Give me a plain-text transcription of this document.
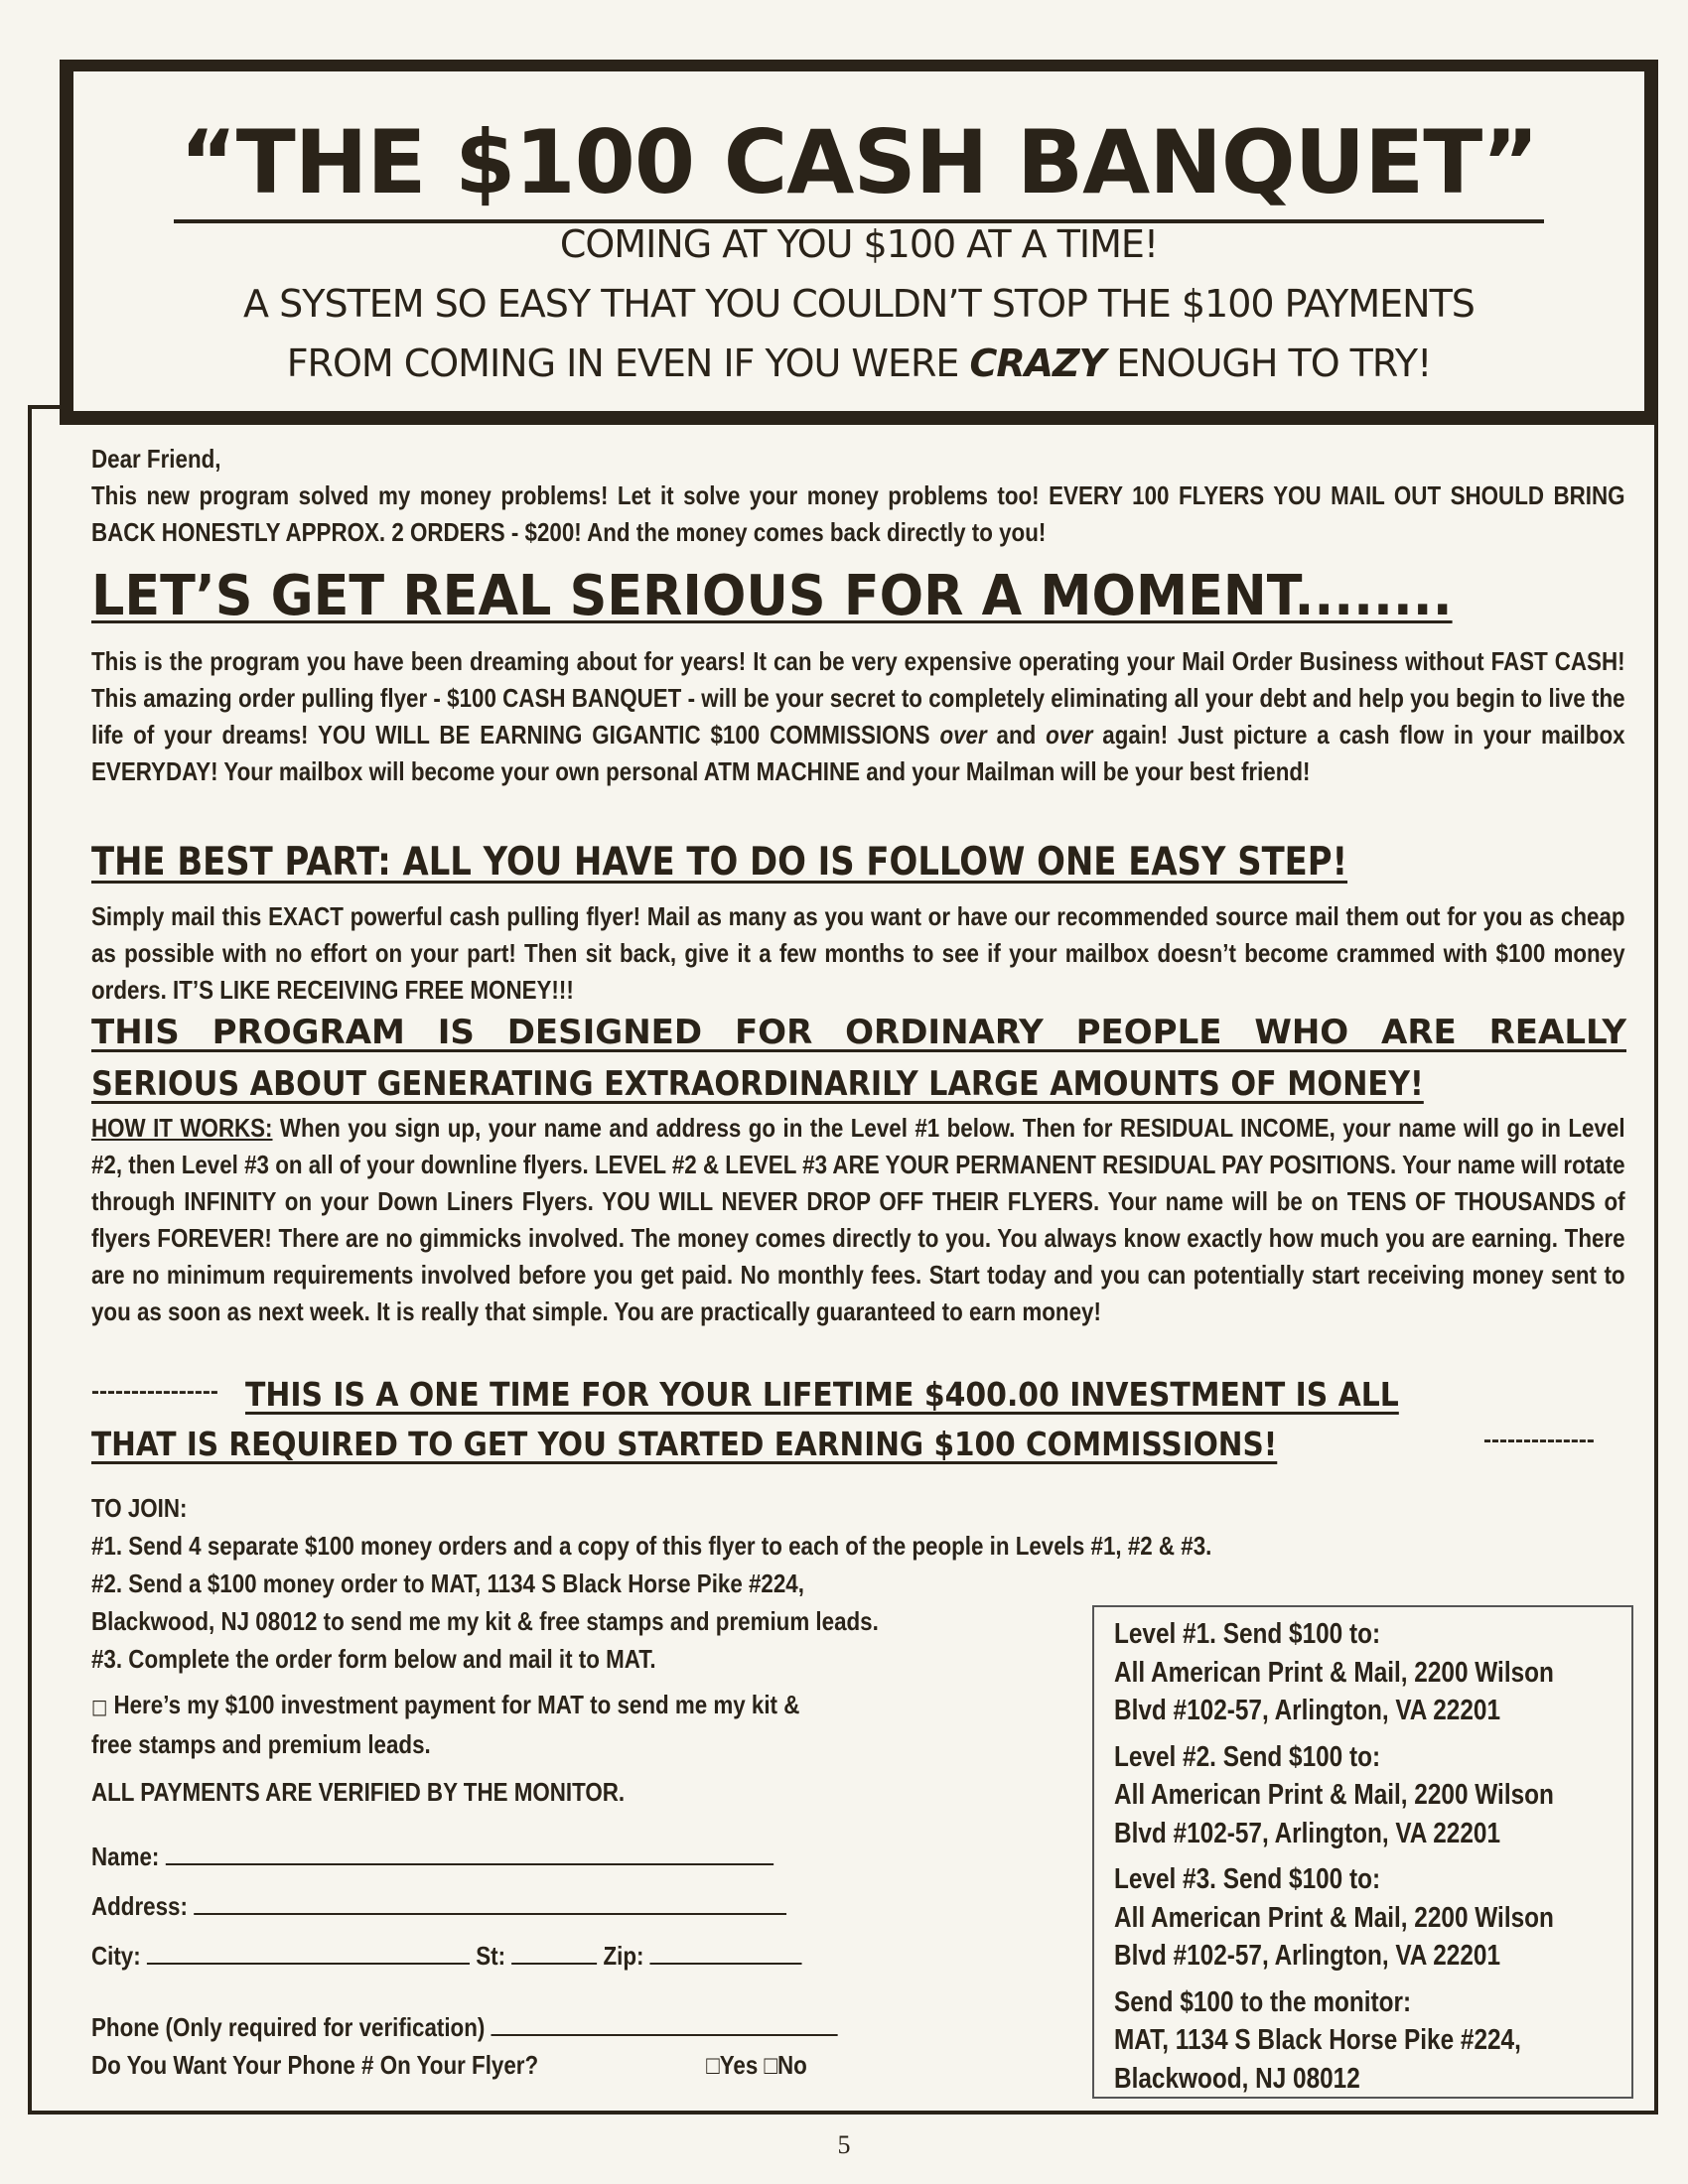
“THE $100 CASH BANQUET”
COMING AT YOU $100 AT A TIME!
A SYSTEM SO EASY THAT YOU COULDN’T STOP THE $100 PAYMENTS
FROM COMING IN EVEN IF YOU WERE CRAZY ENOUGH TO TRY!
Dear Friend,
This new program solved my money problems! Let it solve your money problems too! EVERY 100 FLYERS YOU MAIL OUT SHOULD BRING BACK HONESTLY APPROX. 2 ORDERS - $200! And the money comes back directly to you!
LET’S GET REAL SERIOUS FOR A MOMENT........
This is the program you have been dreaming about for years! It can be very expensive operating your Mail Order Business without FAST CASH! This amazing order pulling flyer - $100 CASH BANQUET - will be your secret to completely eliminating all your debt and help you begin to live the life of your dreams! YOU WILL BE EARNING GIGANTIC $100 COMMISSIONS over and over again! Just picture a cash flow in your mailbox EVERYDAY! Your mailbox will become your own personal ATM MACHINE and your Mailman will be your best friend!
THE BEST PART: ALL YOU HAVE TO DO IS FOLLOW ONE EASY STEP!
Simply mail this EXACT powerful cash pulling flyer! Mail as many as you want or have our recommended source mail them out for you as cheap as possible with no effort on your part! Then sit back, give it a few months to see if your mailbox doesn’t become crammed with $100 money orders. IT’S LIKE RECEIVING FREE MONEY!!!
THIS PROGRAM IS DESIGNED FOR ORDINARY PEOPLE WHO ARE REALLY
SERIOUS ABOUT GENERATING EXTRAORDINARILY LARGE AMOUNTS OF MONEY!
HOW IT WORKS: When you sign up, your name and address go in the Level #1 below. Then for RESIDUAL INCOME, your name will go in Level #2, then Level #3 on all of your downline flyers. LEVEL #2 & LEVEL #3 ARE YOUR PERMANENT RESIDUAL PAY POSITIONS. Your name will rotate through INFINITY on your Down Liners Flyers. YOU WILL NEVER DROP OFF THEIR FLYERS. Your name will be on TENS OF THOUSANDS of flyers FOREVER! There are no gimmicks involved. The money comes directly to you. You always know exactly how much you are earning. There are no minimum requirements involved before you get paid. No monthly fees. Start today and you can potentially start receiving money sent to you as soon as next week. It is really that simple. You are practically guaranteed to earn money!
---------------- THIS IS A ONE TIME FOR YOUR LIFETIME $400.00 INVESTMENT IS ALL
THAT IS REQUIRED TO GET YOU STARTED EARNING $100 COMMISSIONS!	--------------
TO JOIN:
#1. Send 4 separate $100 money orders and a copy of this flyer to each of the people in Levels #1, #2 & #3.
#2. Send a $100 money order to MAT, 1134 S Black Horse Pike #224,
Blackwood, NJ 08012 to send me my kit & free stamps and premium leads.
#3. Complete the order form below and mail it to MAT.
□ Here’s my $100 investment payment for MAT to send me my kit &
free stamps and premium leads.
ALL PAYMENTS ARE VERIFIED BY THE MONITOR.
Name:
Address:
City:	St:	Zip:
Phone (Only required for verification)
Do You Want Your Phone # On Your Flyer?	□Yes □No
Level #1. Send $100 to:
All American Print & Mail, 2200 Wilson
Blvd #102-57, Arlington, VA 22201
Level #2. Send $100 to:
All American Print & Mail, 2200 Wilson
Blvd #102-57, Arlington, VA 22201
Level #3. Send $100 to:
All American Print & Mail, 2200 Wilson
Blvd #102-57, Arlington, VA 22201
Send $100 to the monitor:
MAT, 1134 S Black Horse Pike #224,
Blackwood, NJ 08012
5
